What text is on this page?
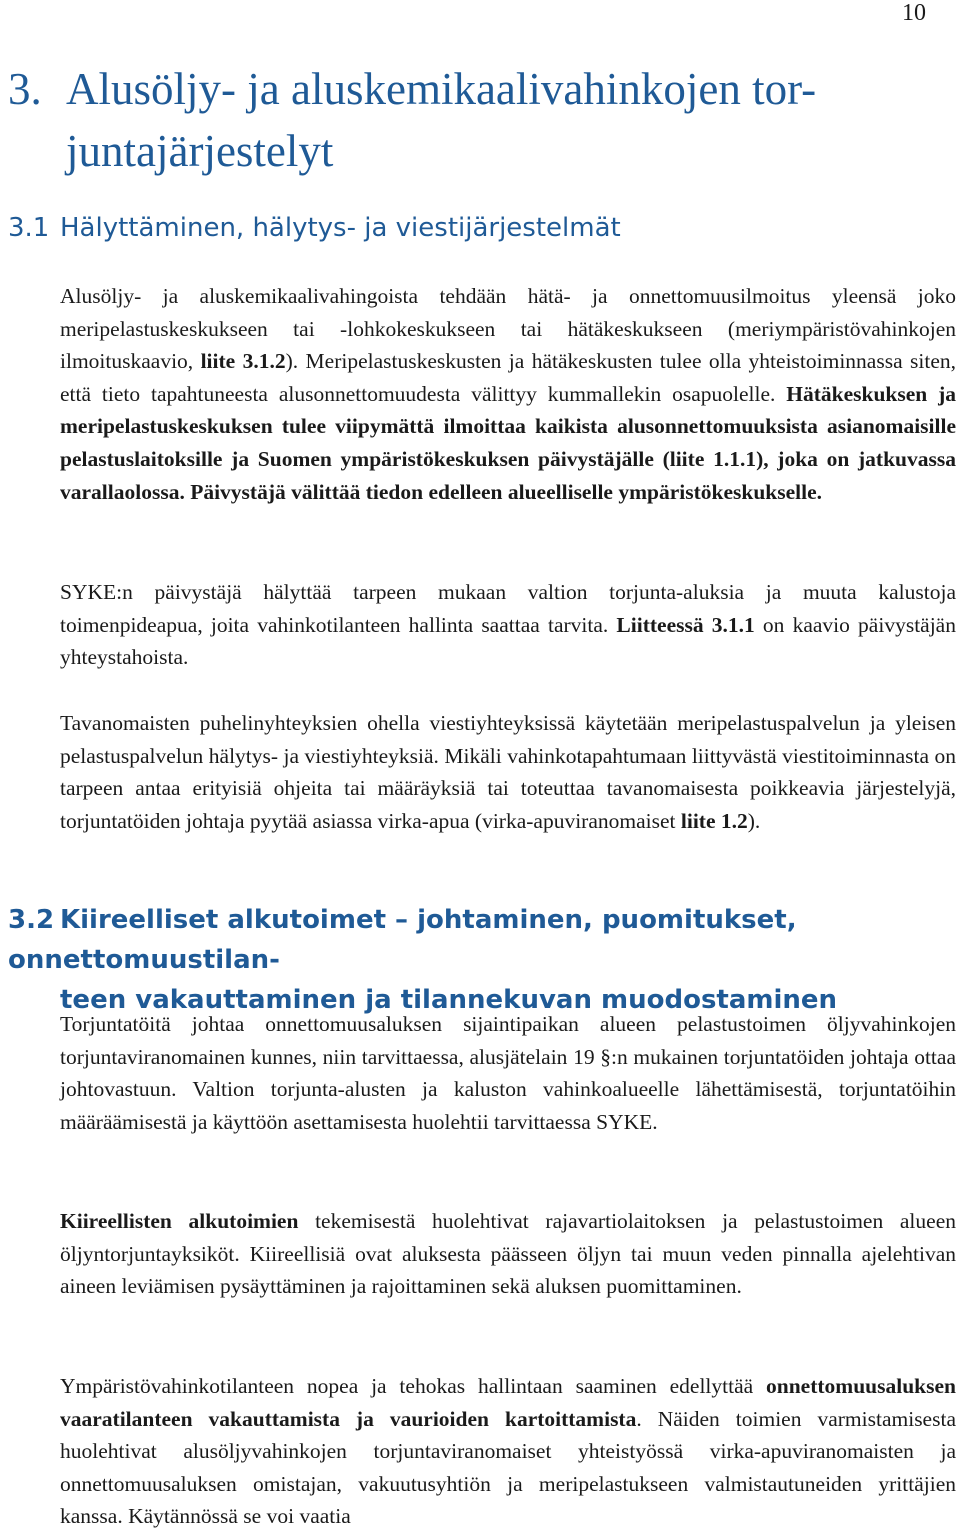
10
3. Alusöljy- ja aluskemikaalivahinkojen tor-
juntajärjestelyt
3.1 Hälyttäminen, hälytys- ja viestijärjestelmät

Alusöljy- ja aluskemikaalivahingoista tehdään hätä- ja onnettomuusilmoitus yleensä joko meripelastuskeskukseen tai -lohkokeskukseen tai hätäkeskukseen (meriympäristövahinkojen ilmoituskaavio, liite 3.1.2). Meripelastuskeskusten ja hätäkeskusten tulee olla yhteistoiminnassa siten, että tieto tapahtuneesta alusonnettomuudesta välittyy kummallekin osapuolelle. Hätäkeskuksen ja meripelastuskeskuksen tulee viipymättä ilmoittaa kaikista alusonnettomuuksista asianomaisille pelastuslaitoksille ja Suomen ympäristökeskuksen päivystäjälle (liite 1.1.1), joka on jatkuvassa varallaolossa. Päivystäjä välittää tiedon edelleen alueelliselle ympäristökeskukselle.

SYKE:n päivystäjä hälyttää tarpeen mukaan valtion torjunta-aluksia ja muuta kalustoja toimenpideapua, joita vahinkotilanteen hallinta saattaa tarvita. Liitteessä 3.1.1 on kaavio päivystäjän yhteystahoista.

Tavanomaisten puhelinyhteyksien ohella viestiyhteyksissä käytetään meripelastuspalvelun ja yleisen pelastuspalvelun hälytys- ja viestiyhteyksiä. Mikäli vahinkotapahtumaan liittyvästä viestitoiminnasta on tarpeen antaa erityisiä ohjeita tai määräyksiä tai toteuttaa tavanomaisesta poikkeavia järjestelyjä, torjuntatöiden johtaja pyytää asiassa virka-apua (virka-apuviranomaiset liite 1.2).

3.2 Kiireelliset alkutoimet – johtaminen, puomitukset, onnettomuustilan-
teen vakauttaminen ja tilannekuvan muodostaminen

Torjuntatöitä johtaa onnettomuusaluksen sijaintipaikan alueen pelastustoimen öljyvahinkojen torjuntaviranomainen kunnes, niin tarvittaessa, alusjätelain 19 §:n mukainen torjuntatöiden johtaja ottaa johtovastuun. Valtion torjunta-alusten ja kaluston vahinkoalueelle lähettämisestä, torjuntatöihin määräämisestä ja käyttöön asettamisesta huolehtii tarvittaessa SYKE.

Kiireellisten alkutoimien tekemisestä huolehtivat rajavartiolaitoksen ja pelastustoimen alueen öljyntorjuntayksiköt. Kiireellisiä ovat aluksesta päässeen öljyn tai muun veden pinnalla ajelehtivan aineen leviämisen pysäyttäminen ja rajoittaminen sekä aluksen puomittaminen.

Ympäristövahinkotilanteen nopea ja tehokas hallintaan saaminen edellyttää onnettomuusaluksen vaaratilanteen vakauttamista ja vaurioiden kartoittamista. Näiden toimien varmistamisesta huolehtivat alusöljyvahinkojen torjuntaviranomaiset yhteistyössä virka-apuviranomaisten ja onnettomuusaluksen omistajan, vakuutusyhtiön ja meripelastukseen valmistautuneiden yrittäjien kanssa. Käytännössä se voi vaatia
